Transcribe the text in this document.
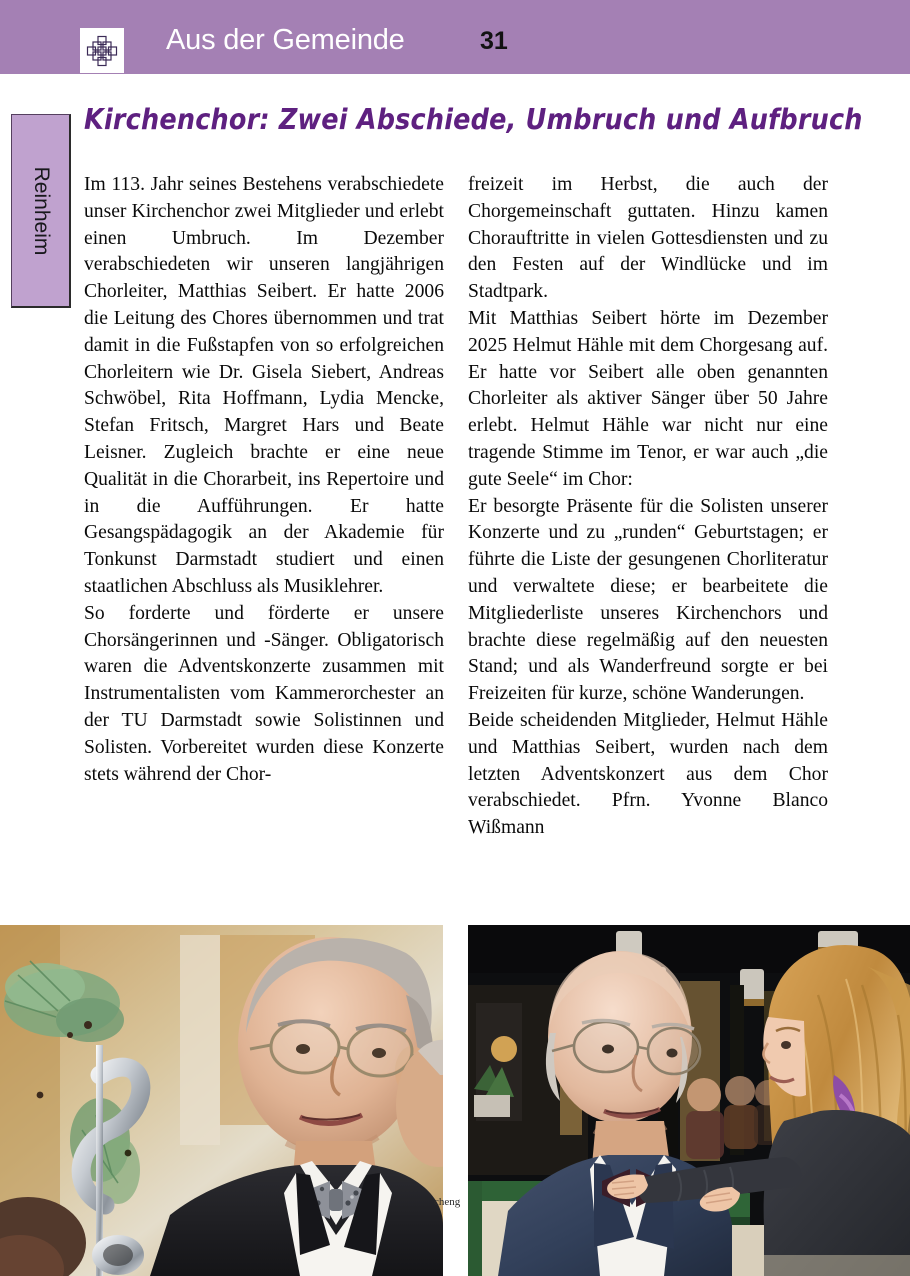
Aus der Gemeinde	31
Reinheim
Kirchenchor: Zwei Abschiede, Umbruch und Aufbruch

Im 113. Jahr seines Bestehens verabschiedete unser Kirchenchor zwei Mitglieder und erlebt einen Umbruch. Im Dezember verabschiedeten wir unseren langjährigen Chorleiter, Matthias Seibert. Er hatte 2006 die Leitung des Chores übernommen und trat damit in die Fußstapfen von so erfolgreichen Chorleitern wie Dr. Gisela Siebert, Andreas Schwöbel, Rita Hoffmann, Lydia Mencke, Stefan Fritsch, Margret Hars und Beate Leisner. Zugleich brachte er eine neue Qualität in die Chorarbeit, ins Repertoire und in die Aufführungen. Er hatte Gesangspädagogik an der Akademie für Tonkunst Darmstadt studiert und einen staatlichen Abschluss als Musiklehrer.

So forderte und förderte er unsere Chorsängerinnen und -Sänger. Obligatorisch waren die Adventskonzerte zusammen mit Instrumentalisten vom Kammerorchester an der TU Darmstadt sowie Solistinnen und Solisten. Vorbereitet wurden diese Konzerte stets während der Chor-

freizeit im Herbst, die auch der Chorgemeinschaft guttaten. Hinzu kamen Chorauftritte in vielen Gottesdiensten und zu den Festen auf der Windlücke und im Stadtpark.

Mit Matthias Seibert hörte im Dezember 2025 Helmut Hähle mit dem Chorgesang auf. Er hatte vor Seibert alle oben genannten Chorleiter als aktiver Sänger über 50 Jahre erlebt. Helmut Hähle war nicht nur eine tragende Stimme im Tenor, er war auch „die gute Seele“ im Chor:

Er besorgte Präsente für die Solisten unserer Konzerte und zu „runden“ Geburtstagen; er führte die Liste der gesungenen Chorliteratur und verwaltete diese; er bearbeitete die Mitgliederliste unseres Kirchenchors und brachte diese regelmäßig auf den neuesten Stand; und als Wanderfreund sorgte er bei Freizeiten für kurze, schöne Wanderungen.

Beide scheidenden Mitglieder, Helmut Hähle und Matthias Seibert, wurden nach dem letzten Adventskonzert aus dem Chor verabschiedet. Pfrn. Yvonne Blanco Wißmann

cheng
